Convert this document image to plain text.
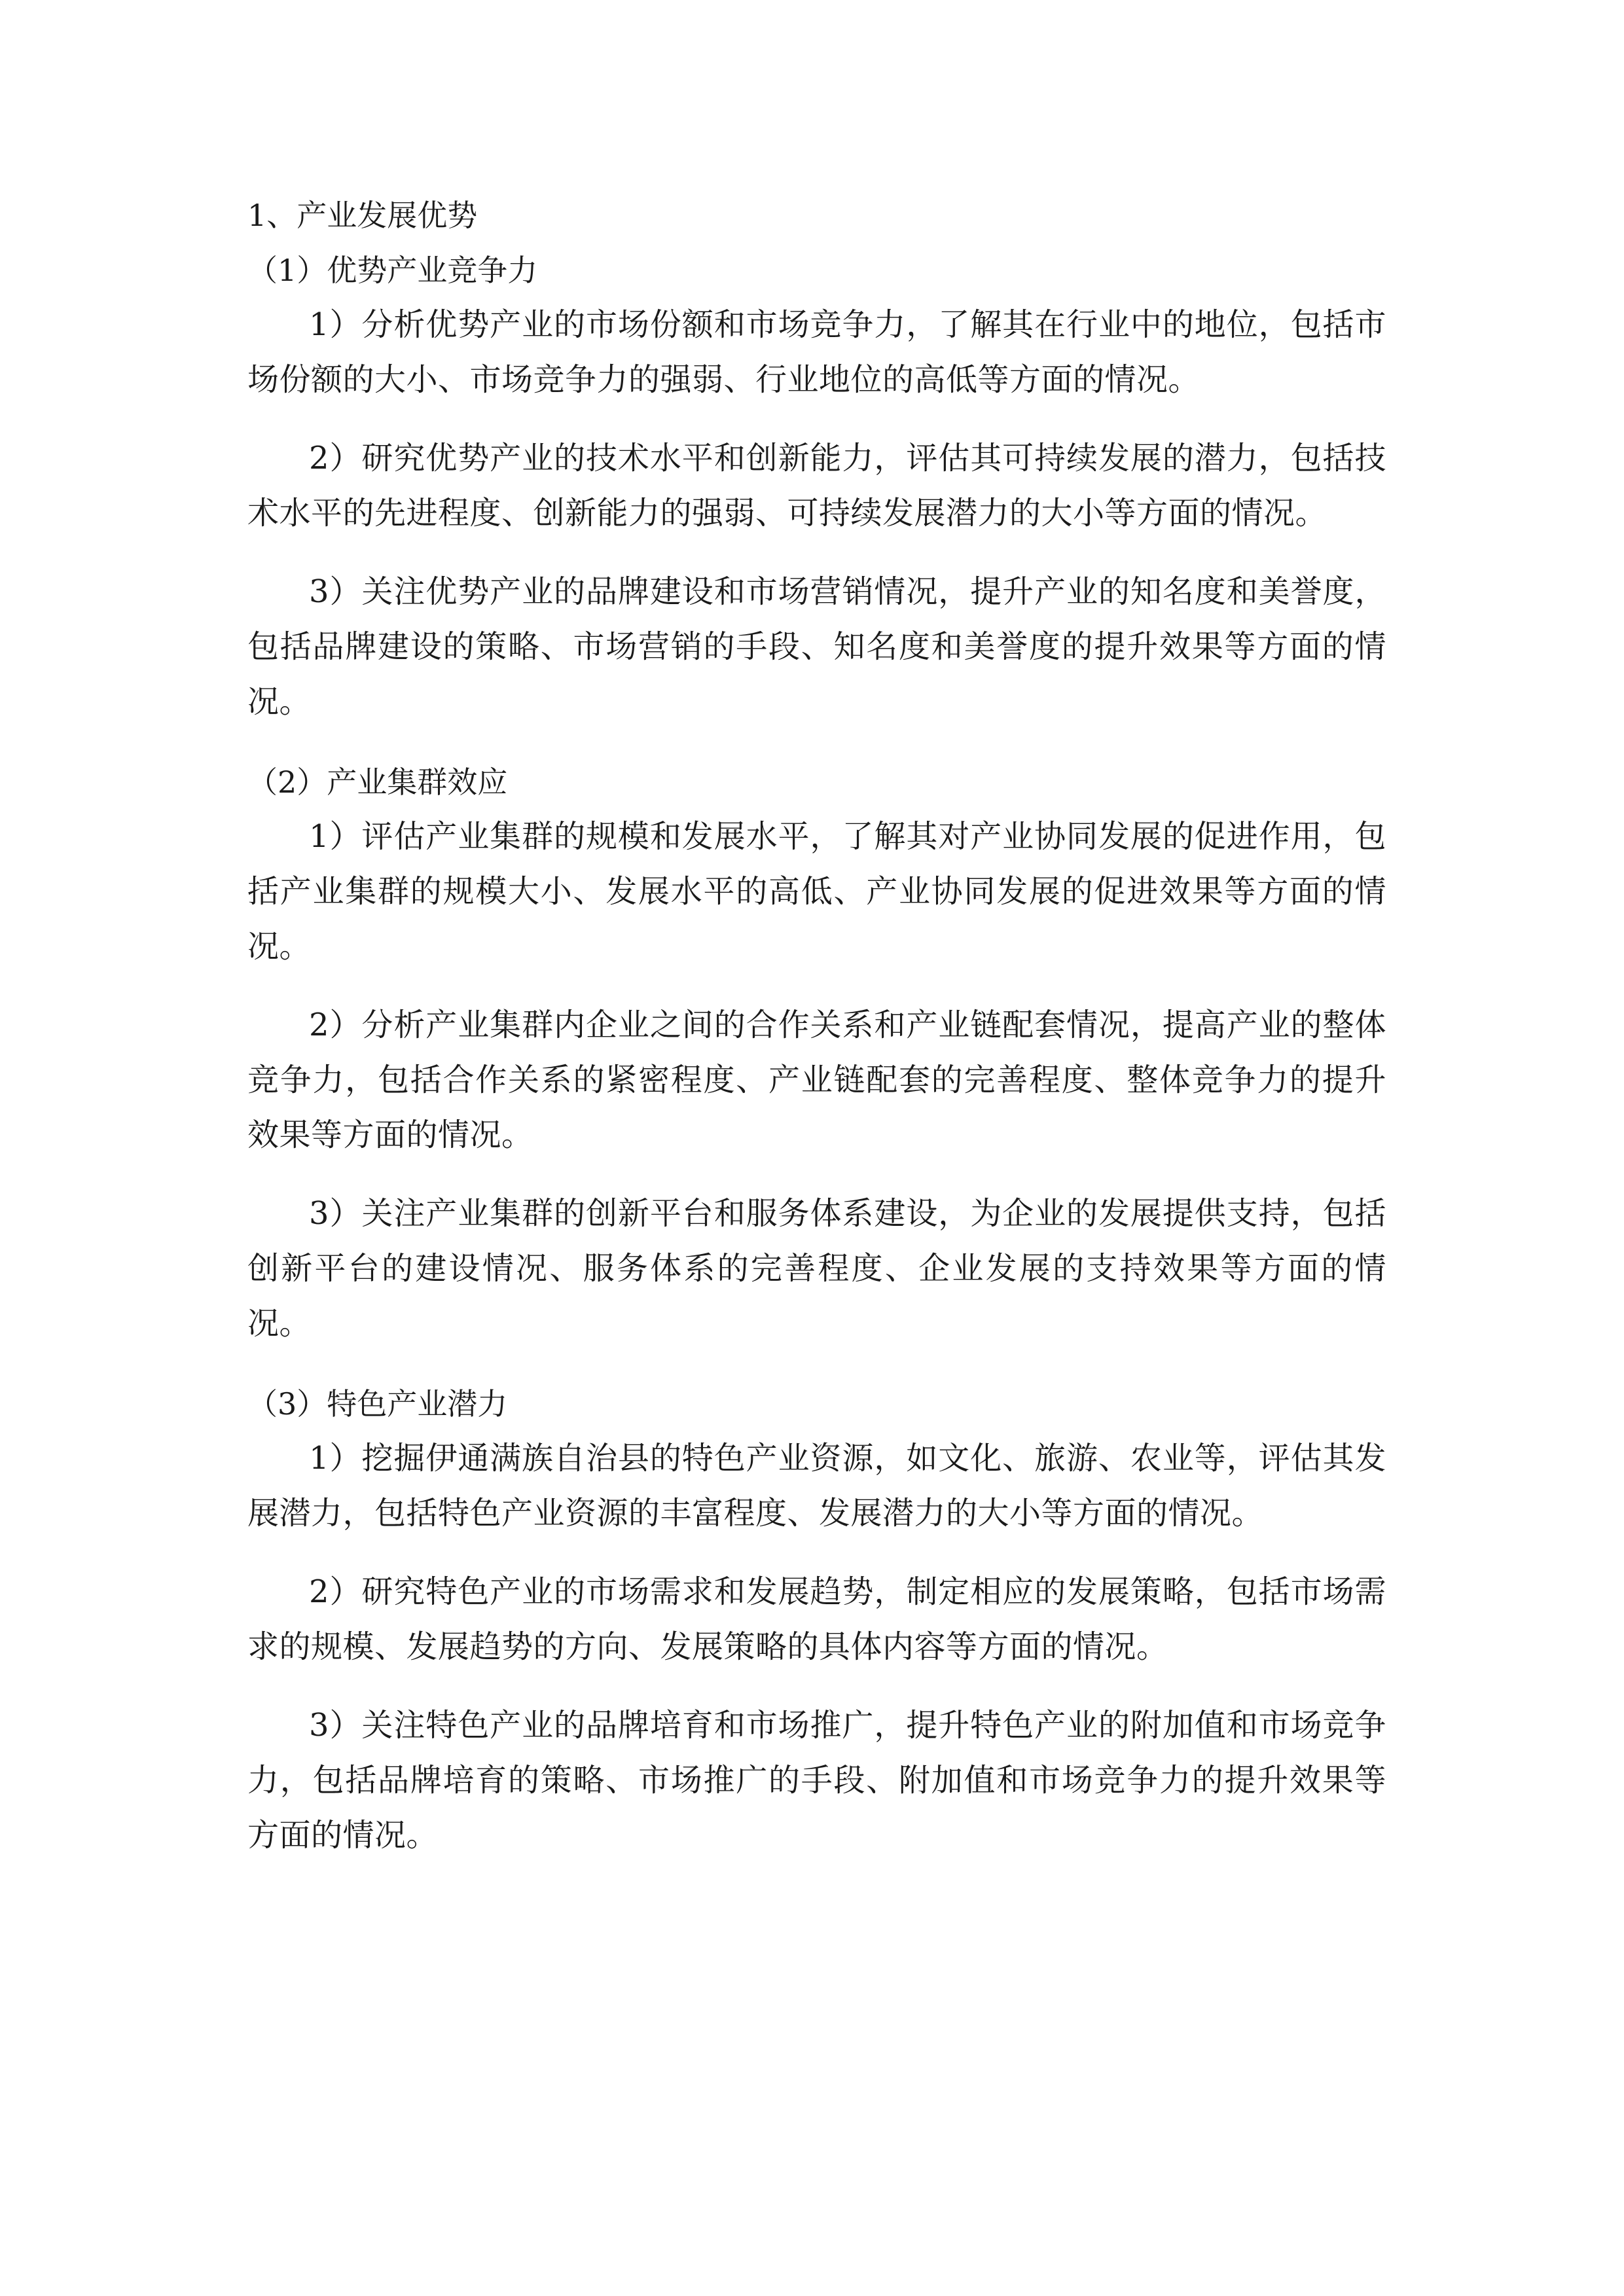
1、产业发展优势

（1）优势产业竞争力

1）分析优势产业的市场份额和市场竞争力，了解其在行业中的地位，包括市场份额的大小、市场竞争力的强弱、行业地位的高低等方面的情况。

2）研究优势产业的技术水平和创新能力，评估其可持续发展的潜力，包括技术水平的先进程度、创新能力的强弱、可持续发展潜力的大小等方面的情况。

3）关注优势产业的品牌建设和市场营销情况，提升产业的知名度和美誉度，包括品牌建设的策略、市场营销的手段、知名度和美誉度的提升效果等方面的情况。

（2）产业集群效应

1）评估产业集群的规模和发展水平，了解其对产业协同发展的促进作用，包括产业集群的规模大小、发展水平的高低、产业协同发展的促进效果等方面的情况。

2）分析产业集群内企业之间的合作关系和产业链配套情况，提高产业的整体竞争力，包括合作关系的紧密程度、产业链配套的完善程度、整体竞争力的提升效果等方面的情况。

3）关注产业集群的创新平台和服务体系建设，为企业的发展提供支持，包括创新平台的建设情况、服务体系的完善程度、企业发展的支持效果等方面的情况。

（3）特色产业潜力

1）挖掘伊通满族自治县的特色产业资源，如文化、旅游、农业等，评估其发展潜力，包括特色产业资源的丰富程度、发展潜力的大小等方面的情况。

2）研究特色产业的市场需求和发展趋势，制定相应的发展策略，包括市场需求的规模、发展趋势的方向、发展策略的具体内容等方面的情况。

3）关注特色产业的品牌培育和市场推广，提升特色产业的附加值和市场竞争力，包括品牌培育的策略、市场推广的手段、附加值和市场竞争力的提升效果等方面的情况。
